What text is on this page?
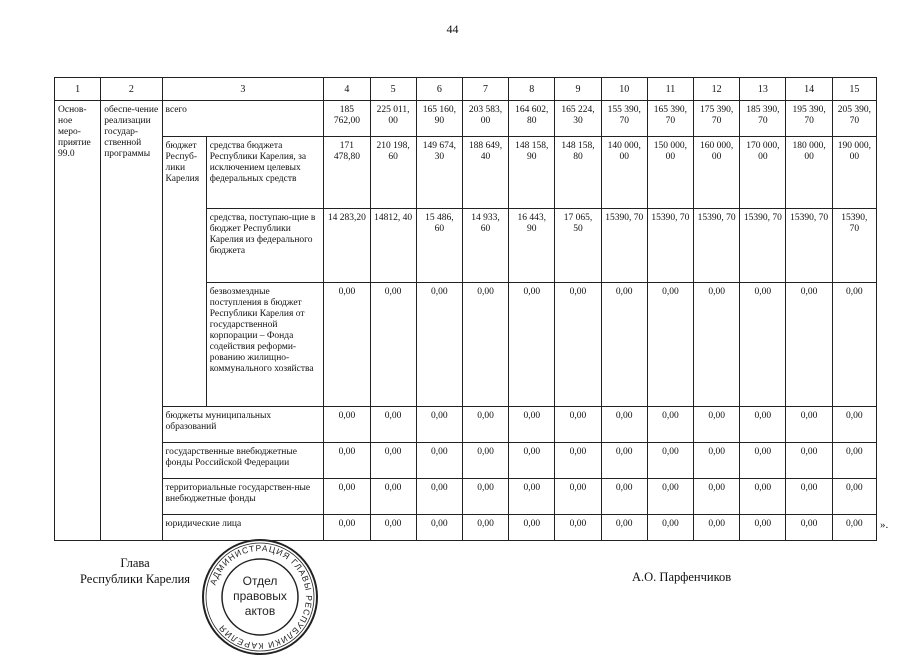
44
1	2	3		4	5	6	7	8	9	10	11	12	13	14	15
Основ-ное меро-приятие 99.0	обеспе-чение реализации государ-ственной программы	всего		185 762,00	225 011, 00	165 160, 90	203 583, 00	164 602, 80	165 224, 30	155 390, 70	165 390, 70	175 390, 70	185 390, 70	195 390, 70	205 390, 70
		бюджет Респуб-лики Карелия	средства бюджета Республики Карелия, за исключением целевых федеральных средств	171 478,80	210 198, 60	149 674, 30	188 649, 40	148 158, 90	148 158, 80	140 000, 00	150 000, 00	160 000, 00	170 000, 00	180 000, 00	190 000, 00
			средства, поступаю-щие в бюджет Республики Карелия из федерального бюджета	14 283,20	14812, 40	15 486, 60	14 933, 60	16 443, 90	17 065, 50	15390, 70	15390, 70	15390, 70	15390, 70	15390, 70	15390, 70
			безвозмездные поступления в бюджет Республики Карелия от государственной корпорации – Фонда содействия реформи-рованию жилищно-коммунального хозяйства	0,00	0,00	0,00	0,00	0,00	0,00	0,00	0,00	0,00	0,00	0,00	0,00
		бюджеты муниципальных образований		0,00	0,00	0,00	0,00	0,00	0,00	0,00	0,00	0,00	0,00	0,00	0,00
		государственные внебюджетные фонды Российской Федерации		0,00	0,00	0,00	0,00	0,00	0,00	0,00	0,00	0,00	0,00	0,00	0,00
		территориальные государствен-ные внебюджетные фонды		0,00	0,00	0,00	0,00	0,00	0,00	0,00	0,00	0,00	0,00	0,00	0,00
		юридические лица		0,00	0,00	0,00	0,00	0,00	0,00	0,00	0,00	0,00	0,00	0,00	0,00 ».
Глава
Республики Карелия	А.О. Парфенчиков
АДМИНИСТРАЦИЯ ГЛАВЫ РЕСПУБЛИКИ КАРЕЛИЯ
Отдел
правовых
актов
